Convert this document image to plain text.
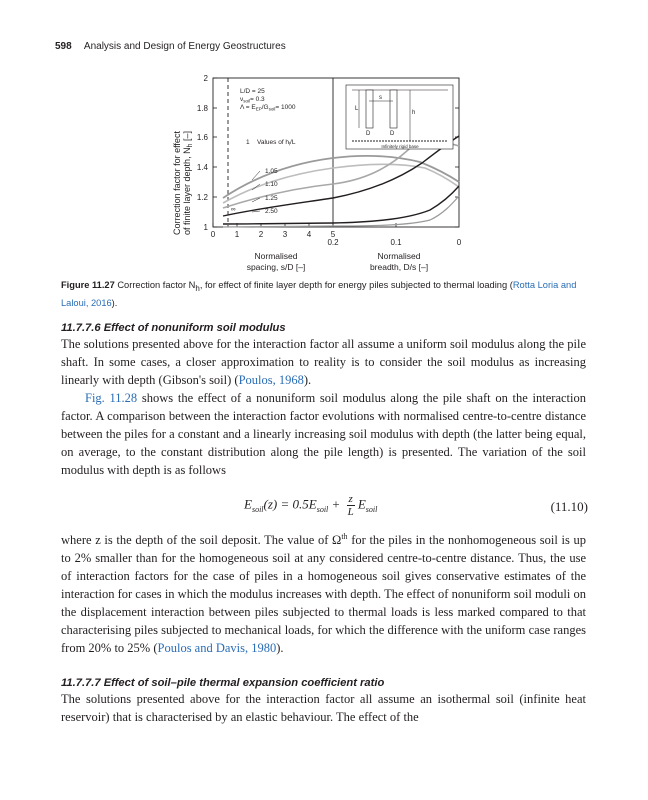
598 Analysis and Design of Energy Geostructures
Correction factor for effect of finite layer depth, $N_h$ [–]
1
1.2
1.4
1.6
1.8
2
0 1 2 3 4 5
0.2	0.1	0
Normalised
spacing, s/D [–]
Normalised
breadth, D/s [–]
L/D = 25
$\nu_{soil}= 0.3$
$\Lambda = E_{EP}/G_{soil}= 1000$
1 Values of $h_l/L$
1.05
1.10
1.25
2.50
∞
L
s
h
D	D
Infinitely rigid base
Figure 11.27 Correction factor $N_h$, for effect of finite layer depth for energy piles subjected to thermal loading (Rotta Loria and Laloui, 2016).
11.7.7.6 Effect of nonuniform soil modulus

The solutions presented above for the interaction factor all assume a uniform soil modulus along the pile shaft. In some cases, a closer approximation to reality is to consider the soil modulus as increasing linearly with depth (Gibson's soil) (Poulos, 1968).

Fig. 11.28 shows the effect of a nonuniform soil modulus along the pile shaft on the interaction factor. A comparison between the interaction factor evolutions with normalised centre-to-centre distance between the piles for a constant and a linearly increasing soil modulus with depth (the latter being equal, on average, to the constant distribution along the pile length) is presented. The variation of the soil modulus with depth is as follows

$E_{soil}(z) = 0.5E_{soil} + \frac{z}{L} E_{soil}$	(11.10)

where z is the depth of the soil deposit. The value of $\Omega^{th}$ for the piles in the nonhomogeneous soil is up to 2% smaller than for the homogeneous soil at any considered centre-to-centre distance. Thus, the use of interaction factors for the case of piles in a homogeneous soil gives conservative estimates of the interaction for cases in which the modulus increases with depth. The effect of nonuniform soil moduli on the displacement interaction between piles subjected to thermal loads is less marked compared to that characterising piles subjected to mechanical loads, for which the difference with the uniform case ranges from 20% to 25% (Poulos and Davis, 1980).

11.7.7.7 Effect of soil–pile thermal expansion coefficient ratio

The solutions presented above for the interaction factor all assume an isothermal soil (infinite heat reservoir) that is characterised by an elastic behaviour. The effect of the
